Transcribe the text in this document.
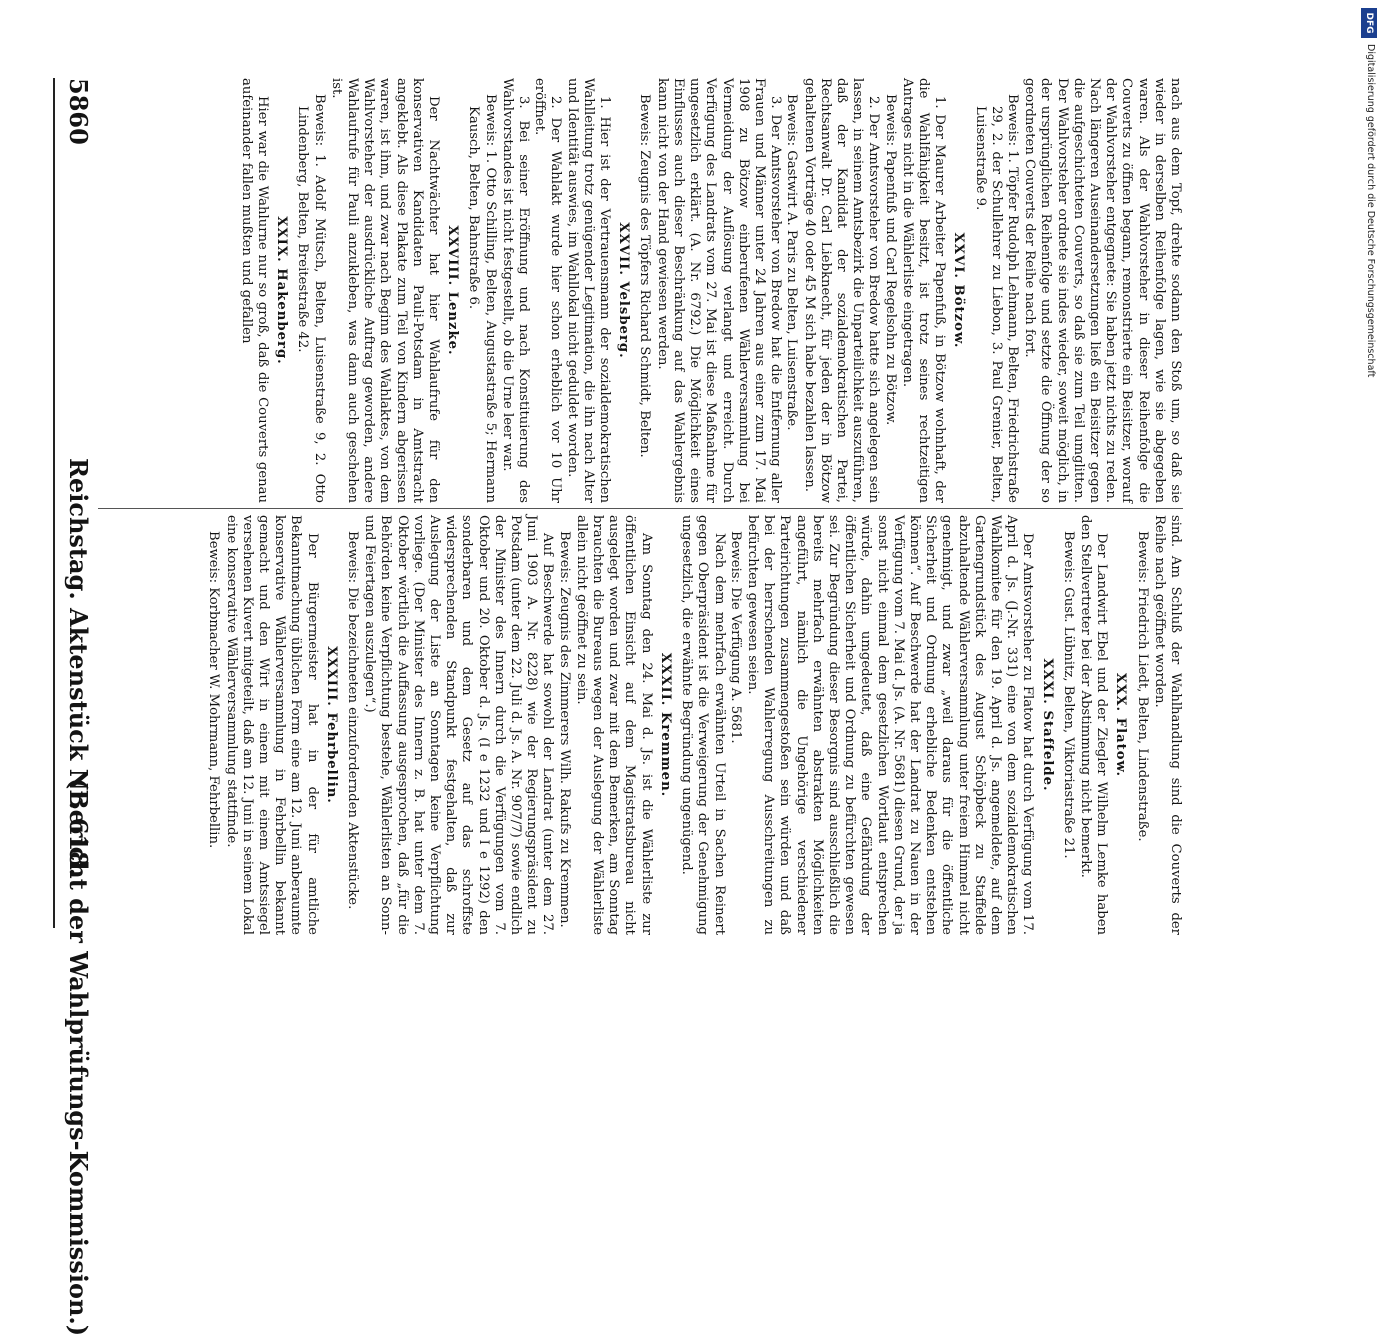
5860
Reichstag. Aktenstück Nr. 618.
(Bericht der Wahlprüfungs-Kommission.)

nach aus dem Topf, drehte sodann den Stoß um, so daß sie wieder in derselben Reihenfolge lagen, wie sie abgegeben waren. Als der Wahlvorsteher in dieser Reihenfolge die Couverts zu öffnen begann, remonstrierte ein Beisitzer, worauf der Wahlvorsteher entgegnete: Sie haben jetzt nichts zu reden. Nach längeren Auseinandersetzungen ließ ein Beisitzer gegen die aufgeschichteten Couverts, so daß sie zum Teil umglitten. Der Wahlvorsteher ordnete sie indes wieder, soweit möglich, in der ursprünglichen Reihenfolge und setzte die Öffnung der so geordneten Couverts der Reihe nach fort.

Beweis: 1. Töpfer Rudolph Lehmann, Belten, Friedrichstraße 29, 2. der Schullehrer zu Liebon, 3. Paul Grenier, Belten, Luisenstraße 9.

XXVI. Bötzow.

1. Der Maurer Arbeiter Papenfuß, in Bötzow wohnhaft, der die Wahlfähigkeit besitzt, ist trotz seines rechtzeitigen Antrages nicht in die Wählerliste eingetragen.

Beweis: Papenfuß und Carl Regelsohn zu Bötzow.

2. Der Amtsvorsteher von Bredow hatte sich angelegen sein lassen, in seinem Amtsbezirk die Unparteilichkeit auszuführen, daß der Kandidat der sozialdemokratischen Partei, Rechtsanwalt Dr. Carl Liebknecht, für jeden der in Bötzow gehaltenen Vorträge 40 oder 45 M sich habe bezahlen lassen.

Beweis: Gastwirt A. Paris zu Belten, Luisenstraße.

3. Der Amtsvorsteher von Bredow hat die Entfernung aller Frauen und Männer unter 24 Jahren aus einer zum 17. Mai 1908 zu Bötzow einberufenen Wählerversammlung bei Vermeidung der Auflösung verlangt und erreicht. Durch Verfügung des Landrats vom 27. Mai ist diese Maßnahme für ungesetzlich erklärt. (A. Nr. 6792.) Die Möglichkeit eines Einflusses auch dieser Beschränkung auf das Wahlergebnis kann nicht von der Hand gewiesen werden.

Beweis: Zeugnis des Töpfers Richard Schmidt, Belten.

XXVII. Velsberg.

1. Hier ist der Vertrauensmann der sozialdemokratischen Wahlleitung trotz genügender Legitimation, die ihn nach Alter und Identität auswies, im Wahllokal nicht geduldet worden.

2. Der Wahlakt wurde hier schon erheblich vor 10 Uhr eröffnet.

3. Bei seiner Eröffnung und nach Konstituierung des Wahlvorstandes ist nicht festgestellt, ob die Urne leer war.

Beweis: 1. Otto Schilling, Belten, Augustastraße 5; Hermann Kausch, Belten, Bahnstraße 6.

XXVIII. Lenzke.

Der Nachtwächter hat hier Wahlaufrufe für den konservativen Kandidaten Pauli-Potsdam in Amtstracht angeklebt. Als diese Plakate zum Teil von Kindern abgerissen waren, ist ihm, und zwar nach Beginn des Wahlaktes, von dem Wahlvorsteher der ausdrückliche Auftrag geworden, andere Wahlaufrufe für Pauli anzukleben, was dann auch geschehen ist.

Beweis: 1. Adolf Mütsch, Belten, Luisenstraße 9, 2. Otto Lindenberg, Belten, Breitestraße 42.

XXIX. Hakenberg.

Hier war die Wahlurne nur so groß, daß die Couverts genau aufeinander fallen mußten und gefallen

sind. Am Schluß der Wahlhandlung sind die Couverts der Reihe nach geöffnet worden.

Beweis: Friedrich Liedt, Belten, Lindenstraße.

XXX. Flatow.

Der Landwirt Ebel und der Ziegler Wilhelm Lemke haben den Stellvertreter bei der Abstimmung nicht bemerkt.

Beweis: Gust. Lübnitz, Belten, Viktoriastraße 21.

XXXI. Staffelde.

Der Amtsvorsteher zu Flatow hat durch Verfügung vom 17. April d. Js. (J.-Nr. 331) eine von dem sozialdemokratischen Wahlkomitee für den 19. April d. Js. angemeldete, auf dem Gartengrundstück des August Schöpbeck zu Staffelde abzuhaltende Wählerversammlung unter freiem Himmel nicht genehmigt, und zwar „weil daraus für die öffentliche Sicherheit und Ordnung erhebliche Bedenken entstehen können“. Auf Beschwerde hat der Landrat zu Nauen in der Verfügung vom 7. Mai d. Js. (A. Nr. 5681) diesen Grund, der ja sonst nicht einmal dem gesetzlichen Wortlaut entsprechen würde, dahin umgedeutet, daß eine Gefährdung der öffentlichen Sicherheit und Ordnung zu befürchten gewesen sei. Zur Begründung dieser Besorgnis sind ausschließlich die bereits mehrfach erwähnten abstrakten Möglichkeiten angeführt, nämlich die Ungehörige verschiedener Parteirichtungen zusammengestoßen sein würden und daß bei der herrschenden Wahlerregung Ausschreitungen zu befürchten gewesen seien.

Beweis: Die Verfügung A. 5681.

Nach dem mehrfach erwähnten Urteil in Sachen Reinert gegen Oberpräsident ist die Verweigerung der Genehmigung ungesetzlich, die erwähnte Begründung ungenügend.

XXXII. Kremmen.

Am Sonntag den 24. Mai d. Js. ist die Wählerliste zur öffentlichen Einsicht auf dem Magistratsbureau nicht ausgelegt worden und zwar mit dem Bemerken, am Sonntag brauchten die Bureaus wegen der Auslegung der Wählerliste allein nicht geöffnet zu sein.

Beweis: Zeugnis des Zimmerers Wilh. Rakufs zu Kremmen.

Auf Beschwerde hat sowohl der Landrat (unter dem 27. Juni 1903 A. Nr. 8228) wie der Regierungspräsident zu Potsdam (unter dem 22. Juli d. Js. A. Nr. 907/7) sowie endlich der Minister des Innern durch die Verfügungen vom 7. Oktober und 20. Oktober d. Js. (I e 1232 und I e 1292) den sonderbaren und dem Gesetz auf das schroffste widersprechenden Standpunkt festgehalten, daß zur Auslegung der Liste an Sonntagen keine Verpflichtung vorliege. (Der Minister des Innern z. B. hat unter dem 7. Oktober wörtlich die Auffassung ausgesprochen, daß „für die Behörden keine Verpflichtung bestehe, Wählerlisten an Sonn- und Feiertagen auszulegen“.)

Beweis: Die bezeichneten einzufordernden Aktenstücke.

XXXIII. Fehrbellin.

Der Bürgermeister hat in der für amtliche Bekanntmachung üblichen Form eine am 12. Juni anberaumte konservative Wählerversammlung in Fehrbellin bekannt gemacht und den Wirt in einem mit einem Amtssiegel versehenen Kuvert mitgeteilt, daß am 12. Juni in seinem Lokal eine konservative Wählerversammlung stattfinde.

Beweis: Korbmacher W. Mohrmann, Fehrbellin.

DFG
Digitalisierung gefördert durch die Deutsche Forschungsgemeinschaft
